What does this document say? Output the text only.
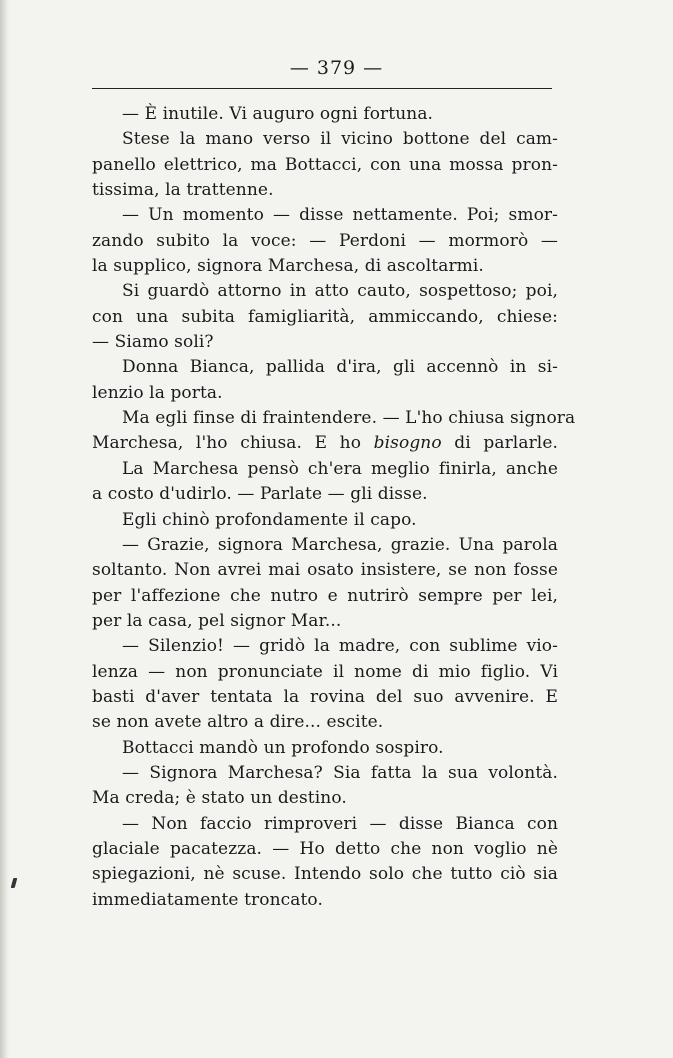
— 379 —
— È inutile. Vi auguro ogni fortuna.
Stese la mano verso il vicino bottone del cam-
panello elettrico, ma Bottacci, con una mossa pron-
tissima, la trattenne.
— Un momento — disse nettamente. Poi; smor-
zando subito la voce: — Perdoni — mormorò —
la supplico, signora Marchesa, di ascoltarmi.
Si guardò attorno in atto cauto, sospettoso; poi,
con una subita famigliarità, ammiccando, chiese:
— Siamo soli?
Donna Bianca, pallida d'ira, gli accennò in si-
lenzio la porta.
Ma egli finse di fraintendere. — L'ho chiusa signora
Marchesa, l'ho chiusa. E ho bisogno di parlarle.
La Marchesa pensò ch'era meglio finirla, anche
a costo d'udirlo. — Parlate — gli disse.
Egli chinò profondamente il capo.
— Grazie, signora Marchesa, grazie. Una parola
soltanto. Non avrei mai osato insistere, se non fosse
per l'affezione che nutro e nutrirò sempre per lei,
per la casa, pel signor Mar...
— Silenzio! — gridò la madre, con sublime vio-
lenza — non pronunciate il nome di mio figlio. Vi
basti d'aver tentata la rovina del suo avvenire. E
se non avete altro a dire... escite.
Bottacci mandò un profondo sospiro.
— Signora Marchesa? Sia fatta la sua volontà.
Ma creda; è stato un destino.
— Non faccio rimproveri — disse Bianca con
glaciale pacatezza. — Ho detto che non voglio nè
spiegazioni, nè scuse. Intendo solo che tutto ciò sia
immediatamente troncato.
